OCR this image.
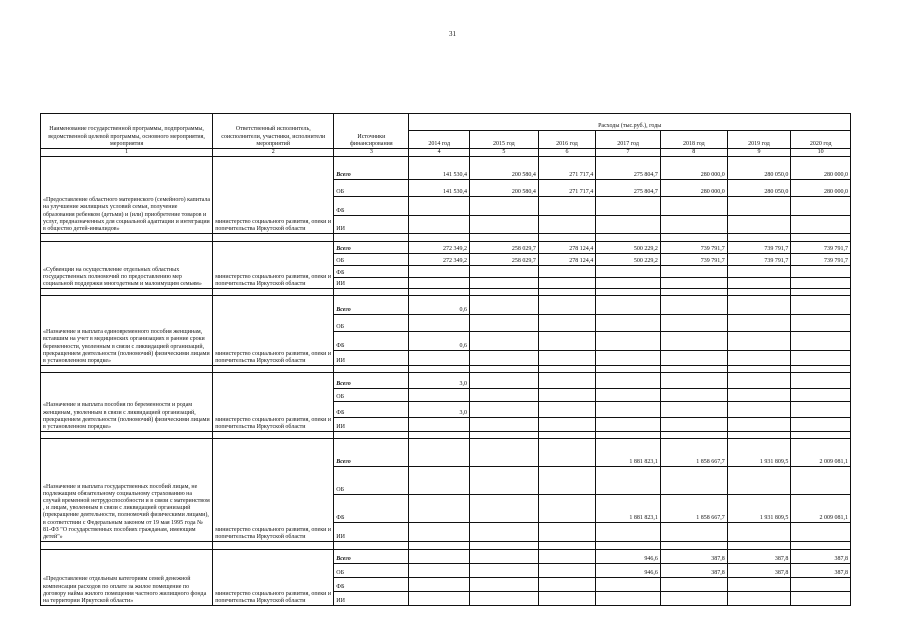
31
Наименование государственной программы, подпрограммы, ведомственной целевой программы, основного мероприятия, мероприятия	Ответственный исполнитель, соисполнители, участники, исполнители мероприятий	Источники финансирования	Расходы (тыс.руб.), годы						
			2014 год	2015 год	2016 год	2017 год	2018 год	2019 год	2020 год
1	2	3	4	5	6	7	8	9	10
«Предоставление областного материнского (семейного) капитала на улучшение жилищных условий семьи, получение образования ребенком (детьми) и (или) приобретение товаров и услуг, предназначенных для социальной адаптации и интеграции в общество детей-инвалидов»	министерство социального развития, опеки и попечительства Иркутской области	Всего	141 530,4	200 580,4	271 717,4	275 804,7	280 000,0	280 050,0	280 000,0
		ОБ	141 530,4	200 580,4	271 717,4	275 804,7	280 000,0	280 050,0	280 000,0
		ФБ							
		ИИ							

«Субвенции на осуществление отдельных областных государственных полномочий по предоставлению мер социальной поддержки многодетным и малоимущим семьям»	министерство социального развития, опеки и попечительства Иркутской области	Всего	272 349,2	258 029,7	278 124,4	500 229,2	739 791,7	739 791,7	739 791,7
		ОБ	272 349,2	258 029,7	278 124,4	500 229,2	739 791,7	739 791,7	739 791,7
		ФБ							
		ИИ							

«Назначение и выплата единовременного пособия женщинам, вставшим на учет в медицинских организациях в ранние сроки беременности, уволенным в связи с ликвидацией организаций, прекращением деятельности (полномочий) физическими лицами в установленном порядке»	министерство социального развития, опеки и попечительства Иркутской области	Всего	0,6						
		ОБ							
		ФБ	0,6						
		ИИ							

«Назначение и выплата пособия по беременности и родам женщинам, уволенным в связи с ликвидацией организаций, прекращением деятельности (полномочий) физическими лицами в установленном порядке»	министерство социального развития, опеки и попечительства Иркутской области	Всего	3,0						
		ОБ							
		ФБ	3,0						
		ИИ							

«Назначение и выплата государственных пособий лицам, не подлежащим обязательному социальному страхованию на случай временной нетрудоспособности и в связи с материнством , и лицам, уволенным в связи с ликвидацией организаций (прекращение деятельности, полномочий физическими лицами), в соответствии с Федеральным законом от 19 мая 1995 года № 81-ФЗ "О государственных пособиях гражданам, имеющим детей"»	министерство социального развития, опеки и попечительства Иркутской области	Всего				1 881 823,1	1 858 667,7	1 931 809,5	2 009 081,1
		ОБ							
		ФБ				1 881 823,1	1 858 667,7	1 931 809,5	2 009 081,1
		ИИ							

«Предоставление отдельным категориям семей денежной компенсации расходов по оплате за жилое помещение по договору найма жилого помещения частного жилищного фонда на территории Иркутской области»	министерство социального развития, опеки и попечительства Иркутской области	Всего				946,6	387,8	387,8	387,8
		ОБ				946,6	387,8	387,8	387,8
		ФБ							
		ИИ							
